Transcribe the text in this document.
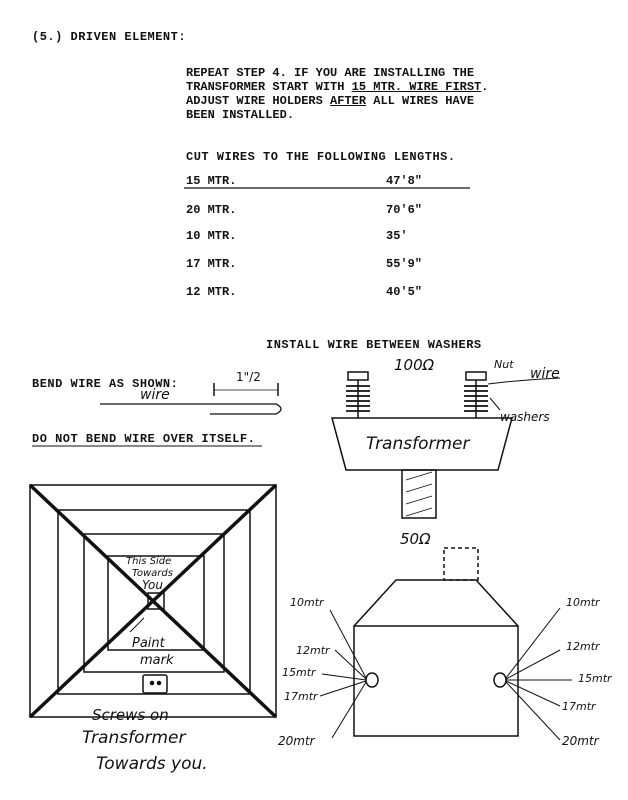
(5.) DRIVEN ELEMENT:
REPEAT STEP 4. IF YOU ARE INSTALLING THE
TRANSFORMER START WITH 15 MTR. WIRE FIRST.
ADJUST WIRE HOLDERS AFTER ALL WIRES HAVE
BEEN INSTALLED.
CUT WIRES TO THE FOLLOWING LENGTHS.
15 MTR.	47'8"
20 MTR.	70'6"
10 MTR.	35'
17 MTR.	55'9"
12 MTR.	40'5"
INSTALL WIRE BETWEEN WASHERS
BEND WIRE AS SHOWN:
DO NOT BEND WIRE OVER ITSELF.
wire
1"/2
100Ω	Nut
wire
washers
Transformer
This Side
Towards
You
Paint
mark
Screws on
Transformer
Towards you.
50Ω
10mtr
12mtr
15mtr
17mtr
20mtr
10mtr
12mtr
15mtr
17mtr
20mtr
